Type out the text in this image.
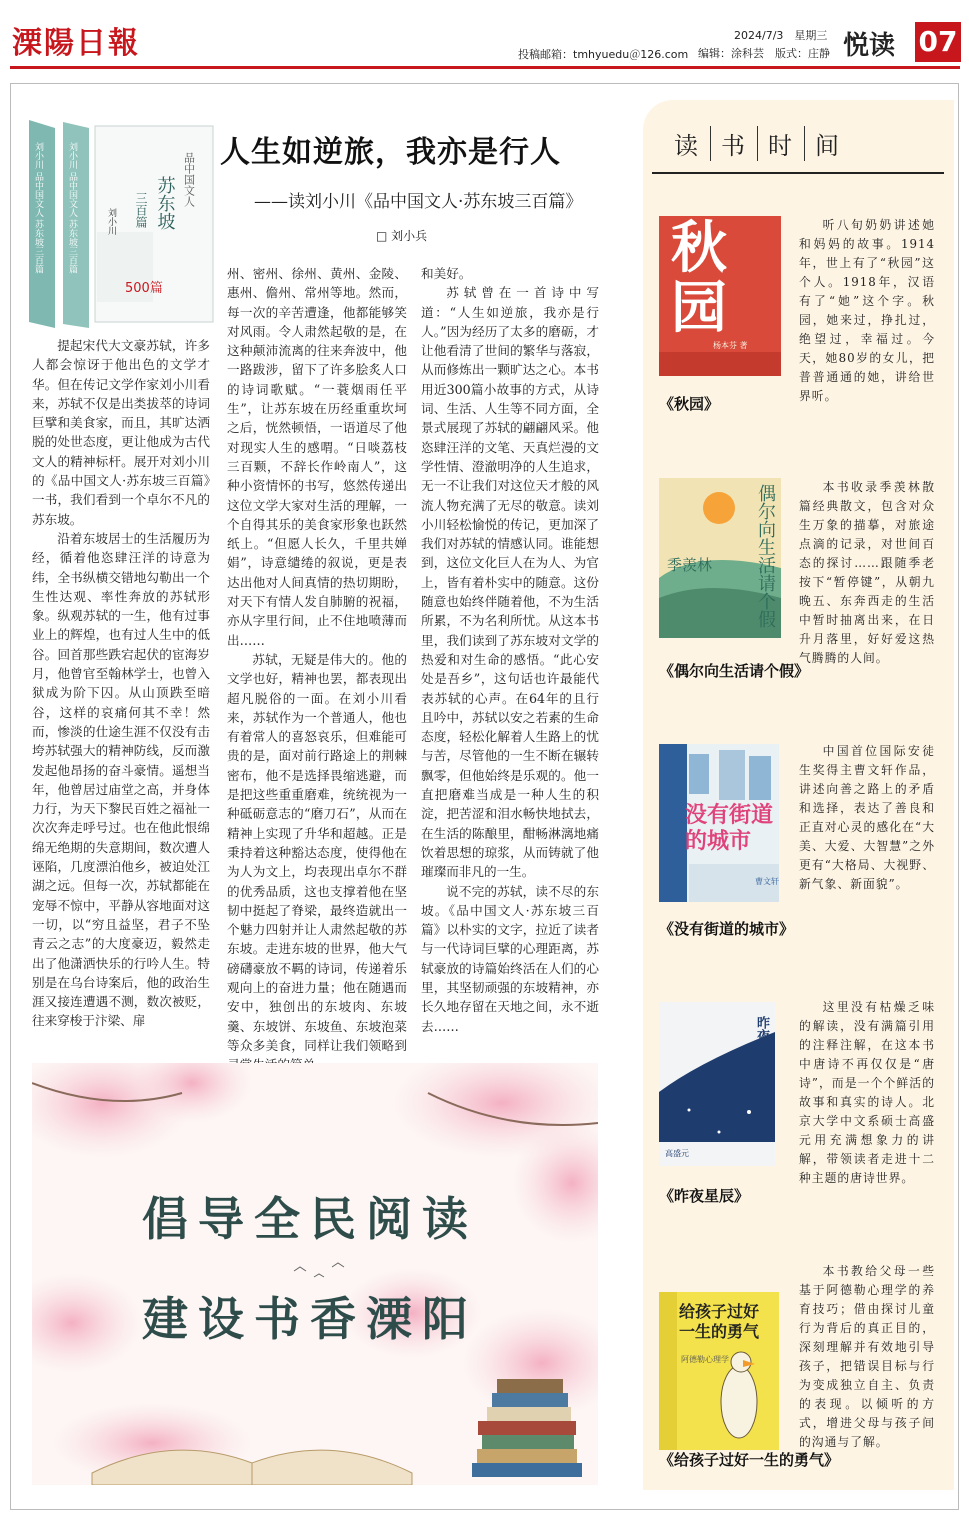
溧陽日報	投稿邮箱：tmhyuedu＠126.com
2024/7/3　星期三
编辑：涂科芸　版式：庄静 悦读 07
500篇
刘小川
品中国文人
苏东坡
三百篇
刘小川 品中国文人 苏东坡三百篇	刘小川 品中国文人 苏东坡三百篇	人生如逆旅，我亦是行人
——读刘小川《品中国文人·苏东坡三百篇》
□ 刘小兵

提起宋代大文豪苏轼，许多人都会惊讶于他出色的文学才华。但在传记文学作家刘小川看来，苏轼不仅是出类拔萃的诗词巨擘和美食家，而且，其旷达洒脱的处世态度，更让他成为古代文人的精神标杆。展开对刘小川的《品中国文人·苏东坡三百篇》一书，我们看到一个卓尔不凡的苏东坡。

沿着东坡居士的生活履历为经，循着他恣肆汪洋的诗意为纬，全书纵横交错地勾勒出一个生性达观、率性奔放的苏轼形象。纵观苏轼的一生，他有过事业上的辉煌，也有过人生中的低谷。回首那些跌宕起伏的宦海岁月，他曾官至翰林学士，也曾入狱成为阶下囚。从山顶跌至暗谷，这样的哀痛何其不幸！然而，惨淡的仕途生涯不仅没有击垮苏轼强大的精神防线，反而激发起他昂扬的奋斗豪情。遥想当年，他曾居过庙堂之高，并身体力行，为天下黎民百姓之福祉一次次奔走呼号过。也在他此恨绵绵无绝期的失意期间，数次遭人诬陷，几度漂泊他乡，被迫处江湖之远。但每一次，苏轼都能在宠辱不惊中，平静从容地面对这一切，以“穷且益坚，君子不坠青云之志”的大度豪迈，毅然走出了他潇洒快乐的行吟人生。特别是在乌台诗案后，他的政治生涯又接连遭遇不测，数次被贬，往来穿梭于汴梁、扉

州、密州、徐州、黄州、金陵、惠州、儋州、常州等地。然而，每一次的辛苦遭逢，他都能够笑对风雨。令人肃然起敬的是，在这种颠沛流离的往来奔波中，他一路跋涉，留下了许多脍炙人口的诗词歌赋。“一蓑烟雨任平生”，让苏东坡在历经重重坎坷之后，恍然顿悟，一语道尽了他对现实人生的感喟。“日啖荔枝三百颗，不辞长作岭南人”，这种小资情怀的书写，悠然传递出这位文学大家对生活的理解，一个自得其乐的美食家形象也跃然纸上。“但愿人长久，千里共婵娟”，诗意缱绻的叙说，更是表达出他对人间真情的热切期盼，对天下有情人发自肺腑的祝福，亦从字里行间，止不住地喷薄而出……

苏轼，无疑是伟大的。他的文学也好，精神也罢，都表现出超凡脱俗的一面。在刘小川看来，苏轼作为一个普通人，他也有着常人的喜怒哀乐，但难能可贵的是，面对前行路途上的荆棘密布，他不是选择畏缩逃避，而是把这些重重磨难，统统视为一种砥砺意志的“磨刀石”，从而在精神上实现了升华和超越。正是秉持着这种豁达态度，使得他在为人为文上，均表现出卓尔不群的优秀品质，这也支撑着他在坚韧中挺起了脊梁，最终造就出一个魅力四射并让人肃然起敬的苏东坡。走进东坡的世界，他大气磅礴豪放不羁的诗词，传递着乐观向上的奋进力量；他在随遇而安中，独创出的东坡肉、东坡羹、东坡饼、东坡鱼、东坡泡菜等众多美食，同样让我们领略到

和美好。

苏轼曾在一首诗中写道：“人生如逆旅，我亦是行人。”因为经历了太多的磨砺，才让他看清了世间的繁华与落寂，从而修炼出一颗旷达之心。本书用近300篇小故事的方式，从诗词、生活、人生等不同方面，全景式展现了苏轼的翩翩风采。他恣肆汪洋的文笔、天真烂漫的文学性情、澄澈明净的人生追求，无一不让我们对这位天才般的风流人物充满了无尽的敬意。读刘小川轻松愉悦的传记，更加深了我们对苏轼的情感认同。谁能想到，这位文化巨人在为人、为官上，皆有着朴实中的随意。这份随意也始终伴随着他，不为生活所累，不为名利所忧。从这本书里，我们读到了苏东坡对文学的热爱和对生命的感悟。“此心安处是吾乡”，这句话也许最能代表苏轼的心声。在64年的且行且吟中，苏轼以安之若素的生命态度，轻松化解着人生路上的忧与苦，尽管他的一生不断在辗转飘零，但他始终是乐观的。他一直把磨难当成是一种人生的积淀，把苦涩和泪水畅快地拭去，在生活的陈酿里，酣畅淋漓地痛饮着思想的琼浆，从而铸就了他璀璨而非凡的一生。

说不完的苏轼，读不尽的东坡。《品中国文人·苏东坡三百篇》以朴实的文字，拉近了读者与一代诗词巨擘的心理距离，苏轼豪放的诗篇始终活在人们的心里，其坚韧顽强的东坡精神，亦长久地存留在天地之间，永不逝去……

倡导全民阅读
建设书香溧阳
读 书 时 间
秋园
杨本芬 著

听八旬奶奶讲述她和妈妈的故事。1914年，世上有了“秋园”这个人。1918年，汉语有了“她”这个字。秋园，她来过，挣扎过，绝望过，幸福过。今天，她80岁的女儿，把普普通通的她，讲给世界听。

《秋园》
偶尔向生活请个假
季羡林

本书收录季羡林散篇经典散文，包含对众生万象的描摹，对旅途点滴的记录，对世间百态的探讨……跟随季老按下“暂停键”，从朝九晚五、东奔西走的生活中暂时抽离出来，在日升月落里，好好爱这热气腾腾的人间。

《偶尔向生活请个假》
没有街道的城市
曹文轩

中国首位国际安徒生奖得主曹文轩作品，讲述向善之路上的矛盾和选择，表达了善良和正直对心灵的感化在“大美、大爱、大智慧”之外更有“大格局、大视野、新气象、新面貌”。

《没有街道的城市》
昨夜星辰
高盛元

这里没有枯燥乏味的解读，没有满篇引用的注释注解，在这本书中唐诗不再仅仅是“唐诗”，而是一个个鲜活的故事和真实的诗人。北京大学中文系硕士高盛元用充满想象力的讲解，带领读者走进十二种主题的唐诗世界。

《昨夜星辰》
给孩子过好一生的勇气
阿德勒心理学

本书教给父母一些基于阿德勒心理学的养育技巧；借由探讨儿童行为背后的真正目的，深刻理解并有效地引导孩子，把错误目标与行为变成独立自主、负责的表现。以倾听的方式，增进父母与孩子间的沟通与了解。

《给孩子过好一生的勇气》
